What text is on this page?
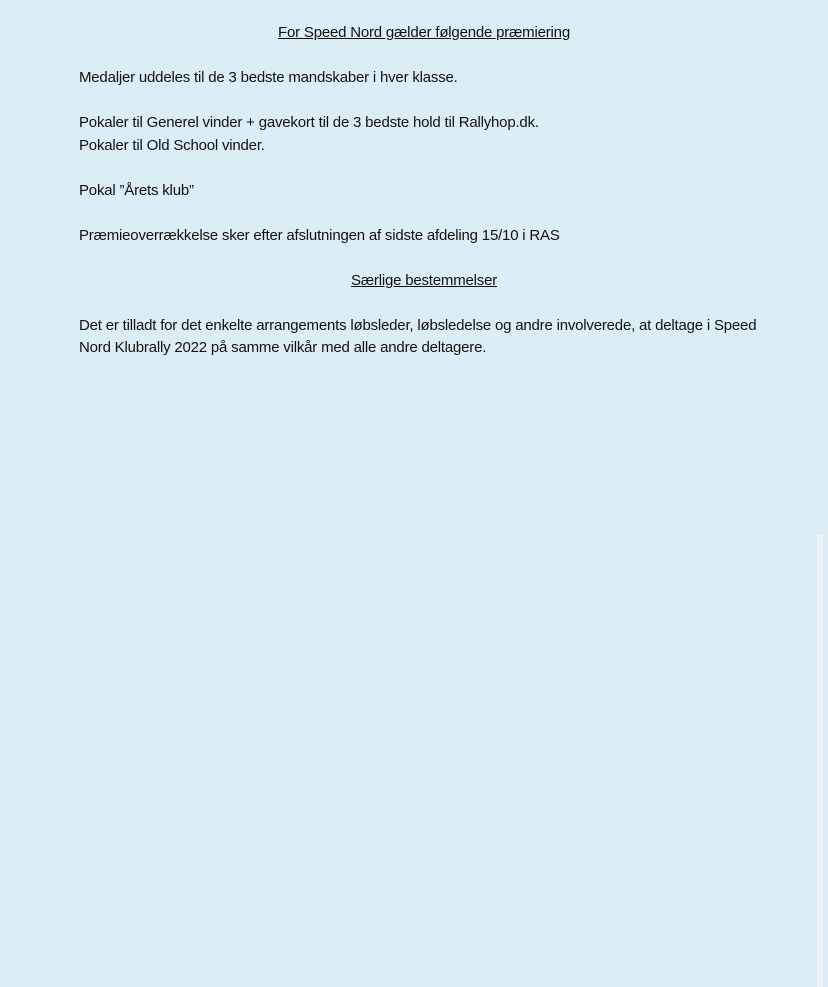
For Speed Nord gælder følgende præmiering

Medaljer uddeles til de 3 bedste mandskaber i hver klasse.

Pokaler til Generel vinder + gavekort til de 3 bedste hold til Rallyhop.dk.

Pokaler til Old School vinder.

Pokal ”Årets klub”

Præmieoverrækkelse sker efter afslutningen af sidste afdeling 15/10 i RAS

Særlige bestemmelser

Det er tilladt for det enkelte arrangements løbsleder, løbsledelse og andre involverede, at deltage i Speed Nord Klubrally 2022 på samme vilkår med alle andre deltagere.
